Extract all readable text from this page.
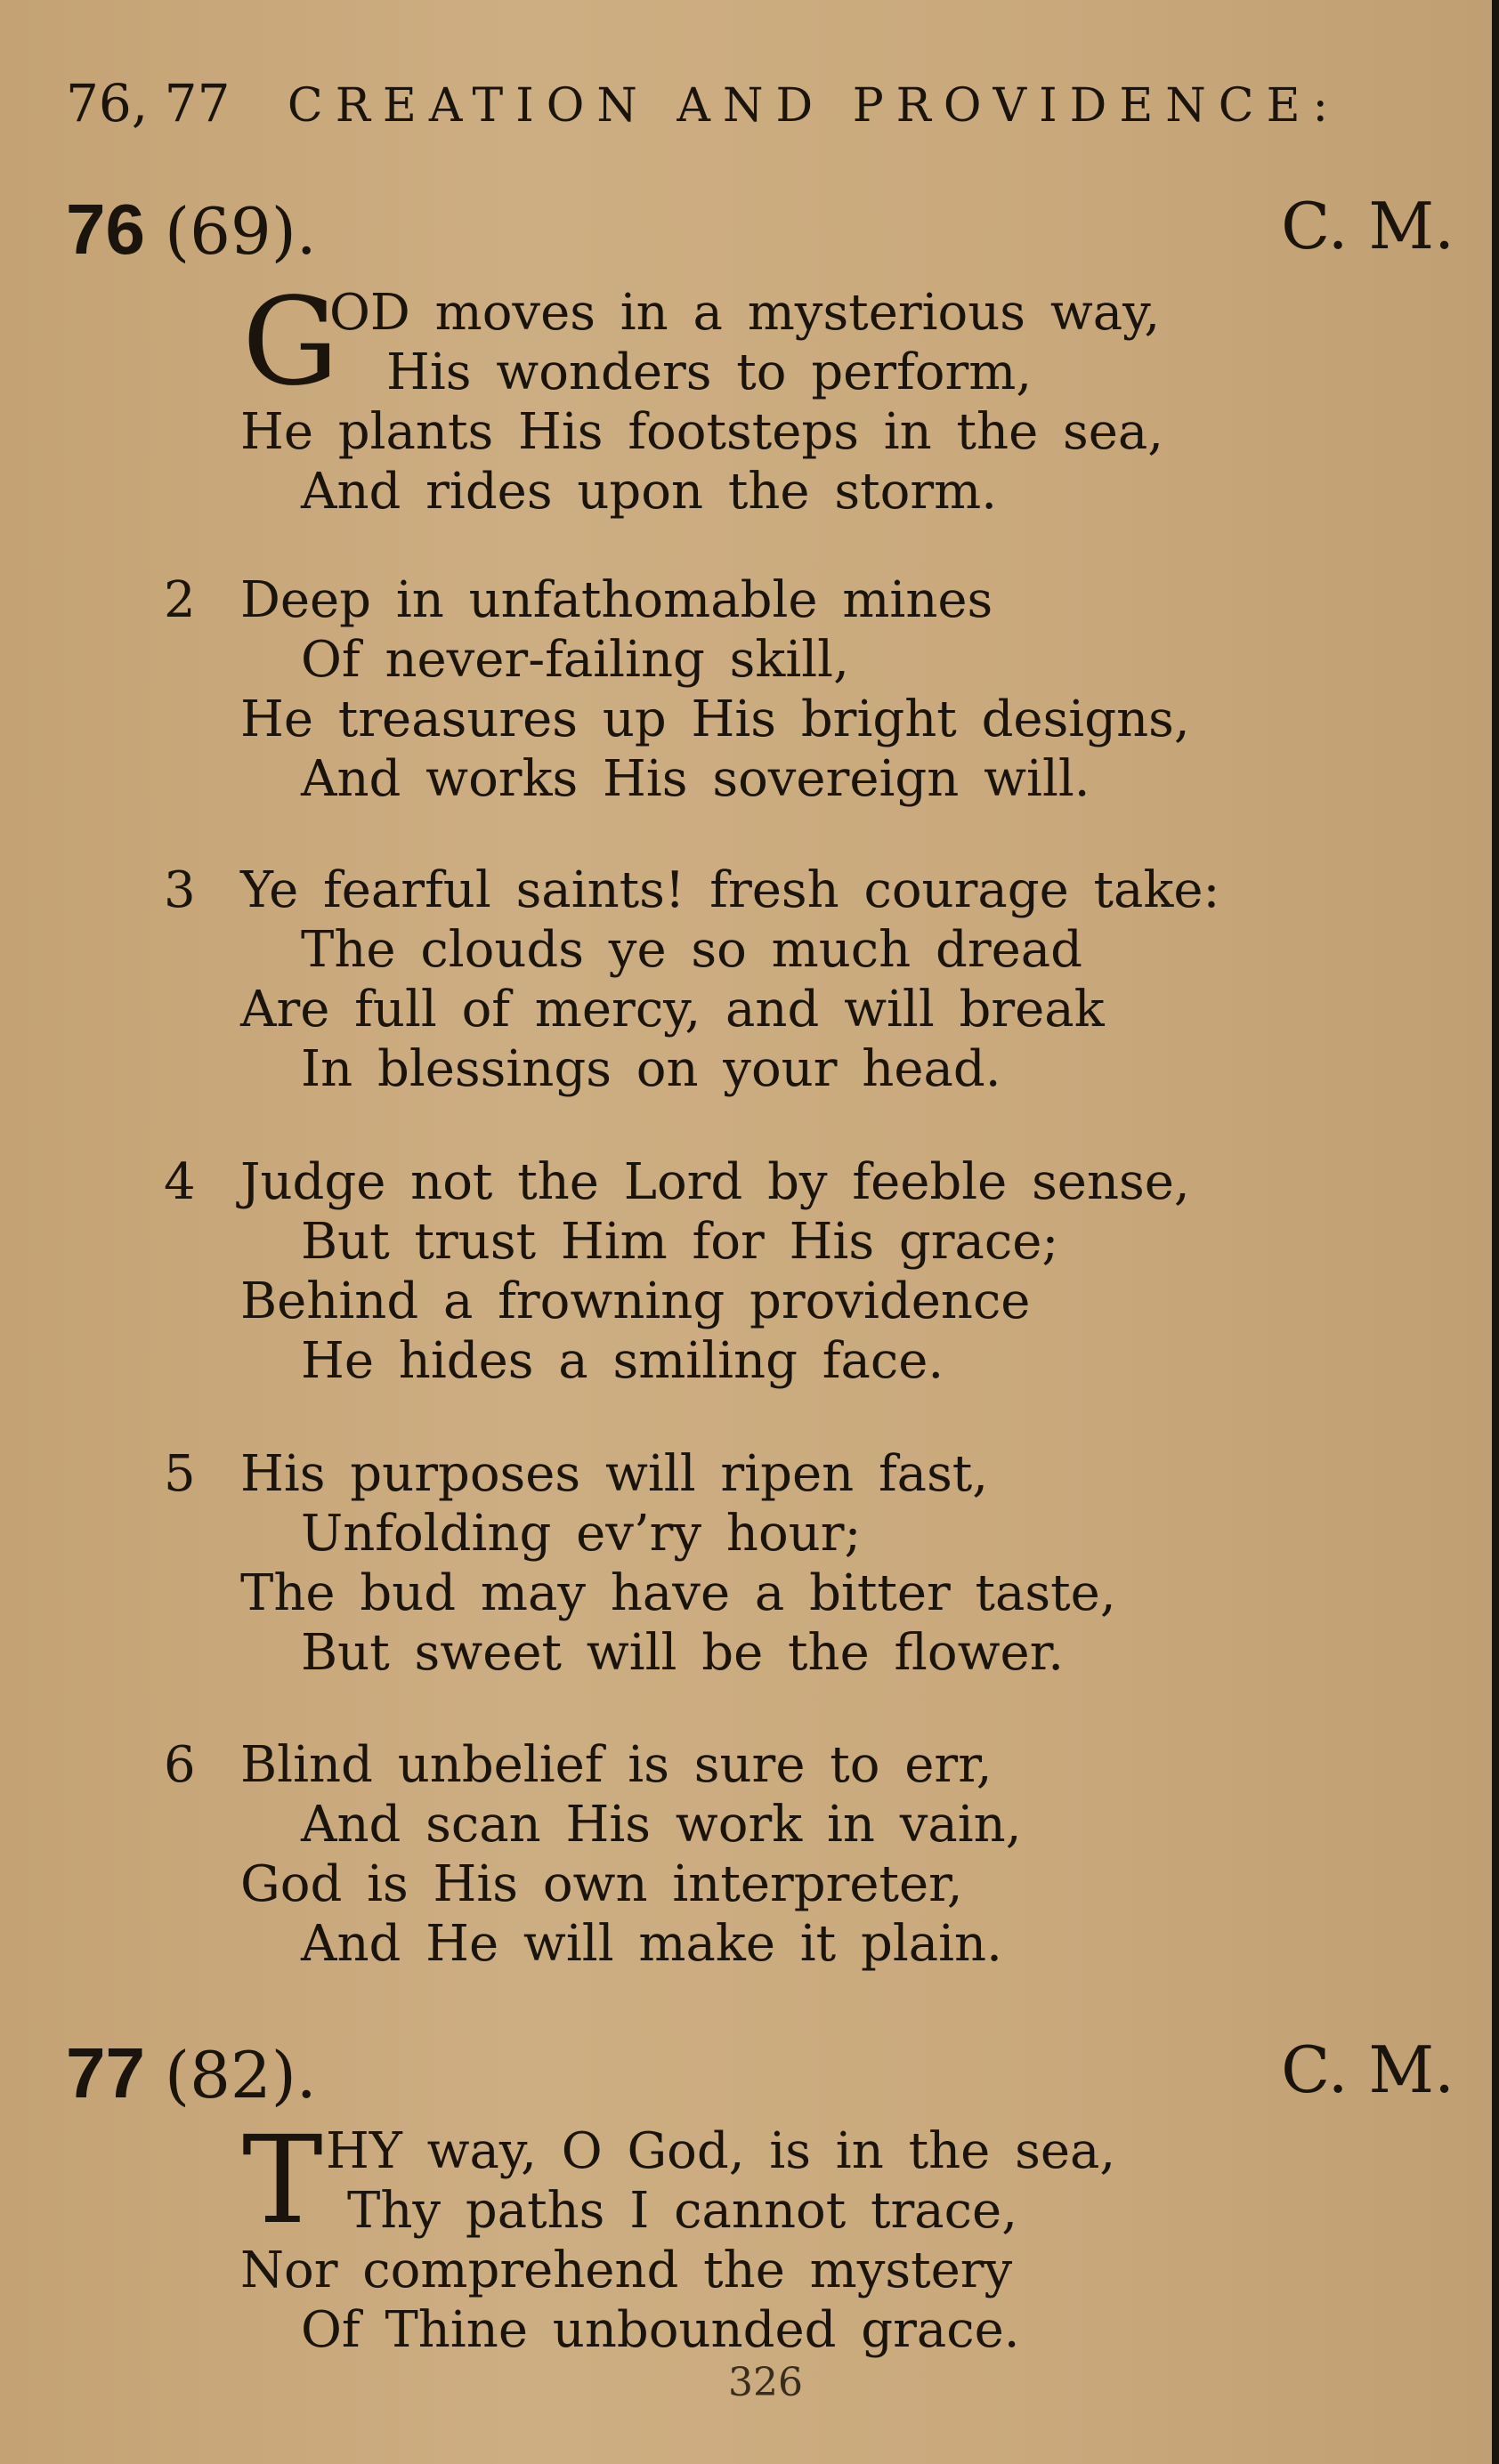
76, 77 CREATION AND PROVIDENCE:
76 (69).	C. M.
G
OD moves in a mysterious way,
His wonders to perform,
He plants His footsteps in the sea,
And rides upon the storm.
2 Deep in unfathomable mines
Of never-failing skill,
He treasures up His bright designs,
And works His sovereign will.
3 Ye fearful saints! fresh courage take:
The clouds ye so much dread
Are full of mercy, and will break
In blessings on your head.
4 Judge not the Lord by feeble sense,
But trust Him for His grace;
Behind a frowning providence
He hides a smiling face.
5 His purposes will ripen fast,
Unfolding ev’ry hour;
The bud may have a bitter taste,
But sweet will be the flower.
6 Blind unbelief is sure to err,
And scan His work in vain,
God is His own interpreter,
And He will make it plain.
77 (82).	C. M.
T HY way, O God, is in the sea,
Thy paths I cannot trace,
Nor comprehend the mystery
Of Thine unbounded grace.
326
